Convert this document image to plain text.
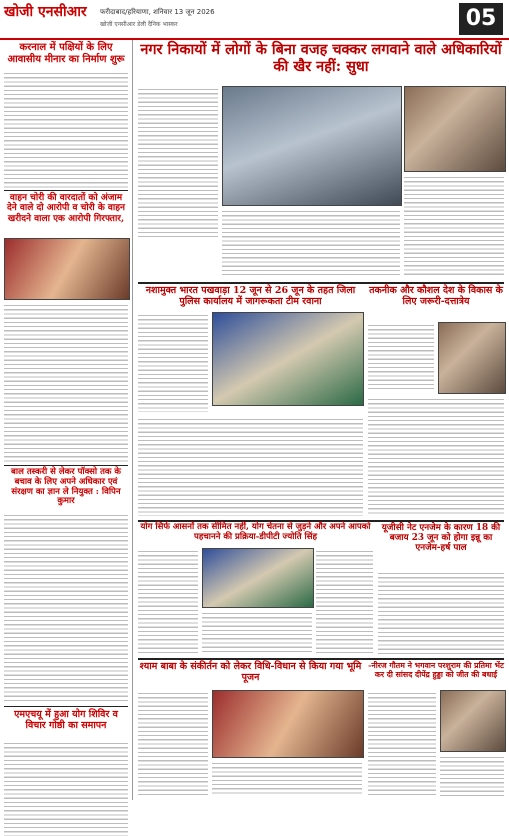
खोजी एनसीआर फरीदाबाद/हरियाणा, शनिवार 13 जून 2026
खोजी एनसीआर डेली दैनिक भास्कर	05
करनाल में पक्षियों के लिए आवासीय मीनार का निर्माण शुरू
वाहन चोरी की वारदातों को अंजाम देने वाले दो आरोपी व चोरी के वाहन खरीदने वाला एक आरोपी गिरफ्तार,
बाल तस्करी से लेकर पॉक्सो तक के बचाव के लिए अपने अधिकार एवं संरक्षण का ज्ञान ले नियुक्त : विपिन कुमार
एमएचयू में हुआ योग शिविर व विचार गोष्ठी का समापन
नगर निकायों में लोगों के बिना वजह चक्कर लगवाने वाले अधिकारियों की खैर नहीं: सुधा
नशामुक्त भारत पखवाड़ा 12 जून से 26 जून के तहत जिला पुलिस कार्यालय में जागरूकता टीम रवाना
तकनीक और कौशल देश के विकास के लिए जरूरी-दत्तात्रेय
योग सिर्फ आसनों तक सीमित नहीं, योग चेतना से जुड़ने और अपने आपको पहचानने की प्रक्रिया-डीपीटी ज्योति सिंह
यूजीसी नेट एनजेम के कारण 18 की बजाय 23 जून को होगा इन्नू का एनजेम-हर्ष पाल
श्याम बाबा के संकीर्तन को लेकर विधि-विधान से किया गया भूमि पूजन
-नीरज गौतम ने भगवान परशुराम की प्रतिमा भेंट कर दी सांसद दीपेंद्र हुड्डा को जीत की बधाई
